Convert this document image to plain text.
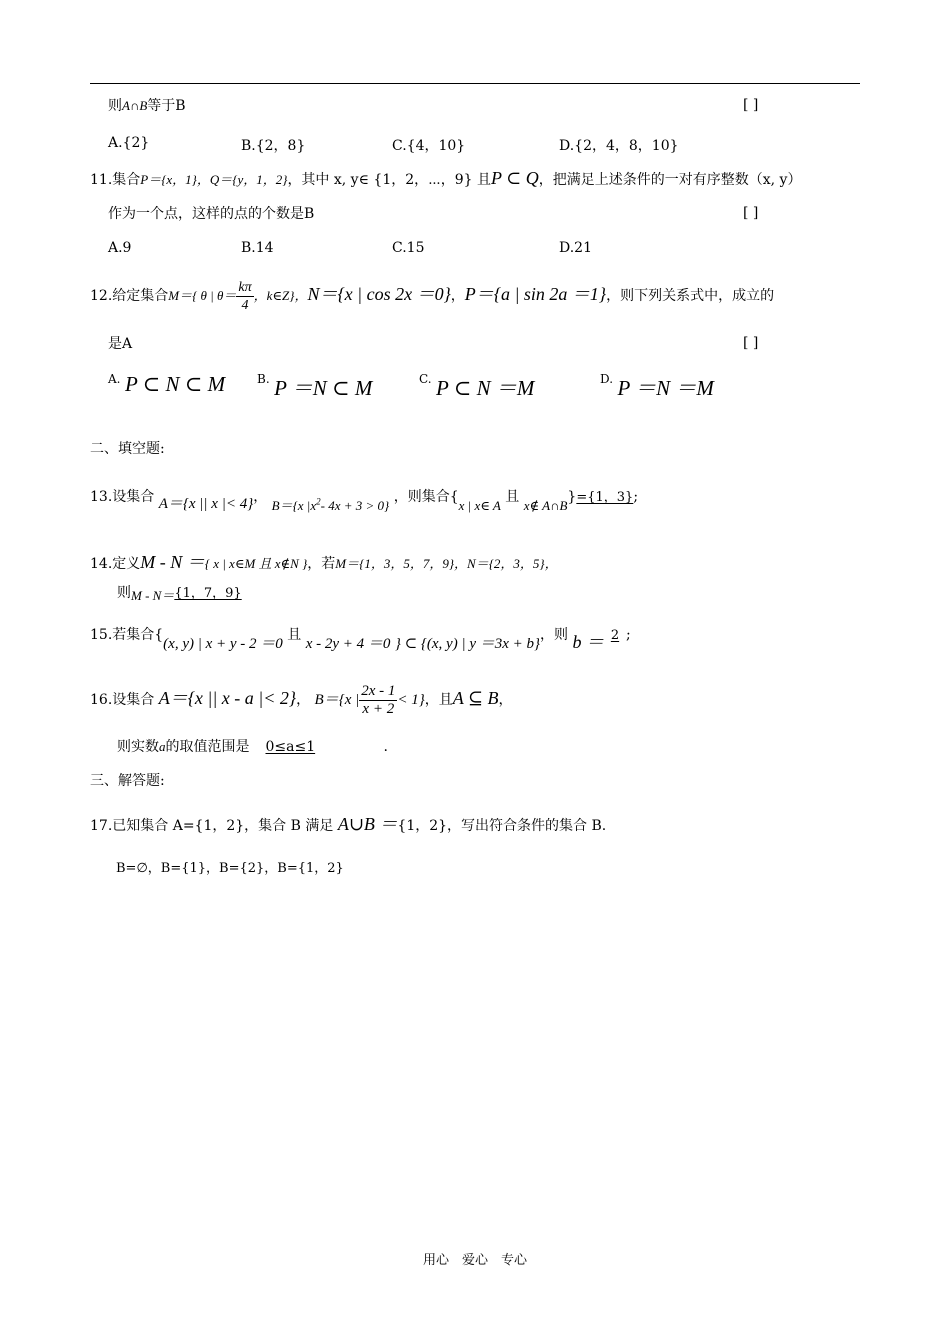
则A∩B等于B	[ ]
A.{2}	B.{2，8}	C.{4，10}	D.{2，4，8，10}
11.集合P＝{x，1}，Q＝{y，1，2}，其中 x, y∈ {1，2，⋯，9} 且P ⊂ Q，把满足上述条件的一对有序整数（x, y）
作为一个点，这样的点的个数是B	[ ]
A.9	B.14	C.15	D.21
12.给定集合M＝{ θ | $\theta= \frac{k\pi}{4}$ ，k∈Z}，N＝{x | cos 2x ＝0}，P＝{a | sin 2a ＝1}，则下列关系式中，成立的
是A	[ ]
A. P ⊂ N ⊂ M	B. P ＝N ⊂ M	C. P ⊂ N ＝M	D. P ＝N ＝M
二、填空题:
13.设集合 A＝{x || x |< 4}， B＝{x $|x^2-$ 4x + 3 > 0} ，则集合{x | x∈ A 且 x∉ A∩B}={1，3};
14.定义M - N ＝{ x | x∈M 且 x∉N }，若M＝{1，3，5，7，9}，N＝{2，3，5}，
则M - N＝{1，7，9}
15.若集合{(x, y) | x + y - 2 ＝0 且 x - 2y + 4 ＝0 } ⊂ {(x, y) | y ＝3x + b}，则 b ＝ 2 ;
16.设集合 A＝{x || x - a |< 2}， B＝{x | $\frac{2x - 1}{x + 2} < 1$}，且A ⊆ B，
则实数a的取值范围是 0≤a≤1	.
三、解答题:
17.已知集合 A={1，2}，集合 B 满足 A∪B ＝{1，2}，写出符合条件的集合 B.
B=∅，B={1}，B={2}，B={1，2}
用心　爱心　专心
